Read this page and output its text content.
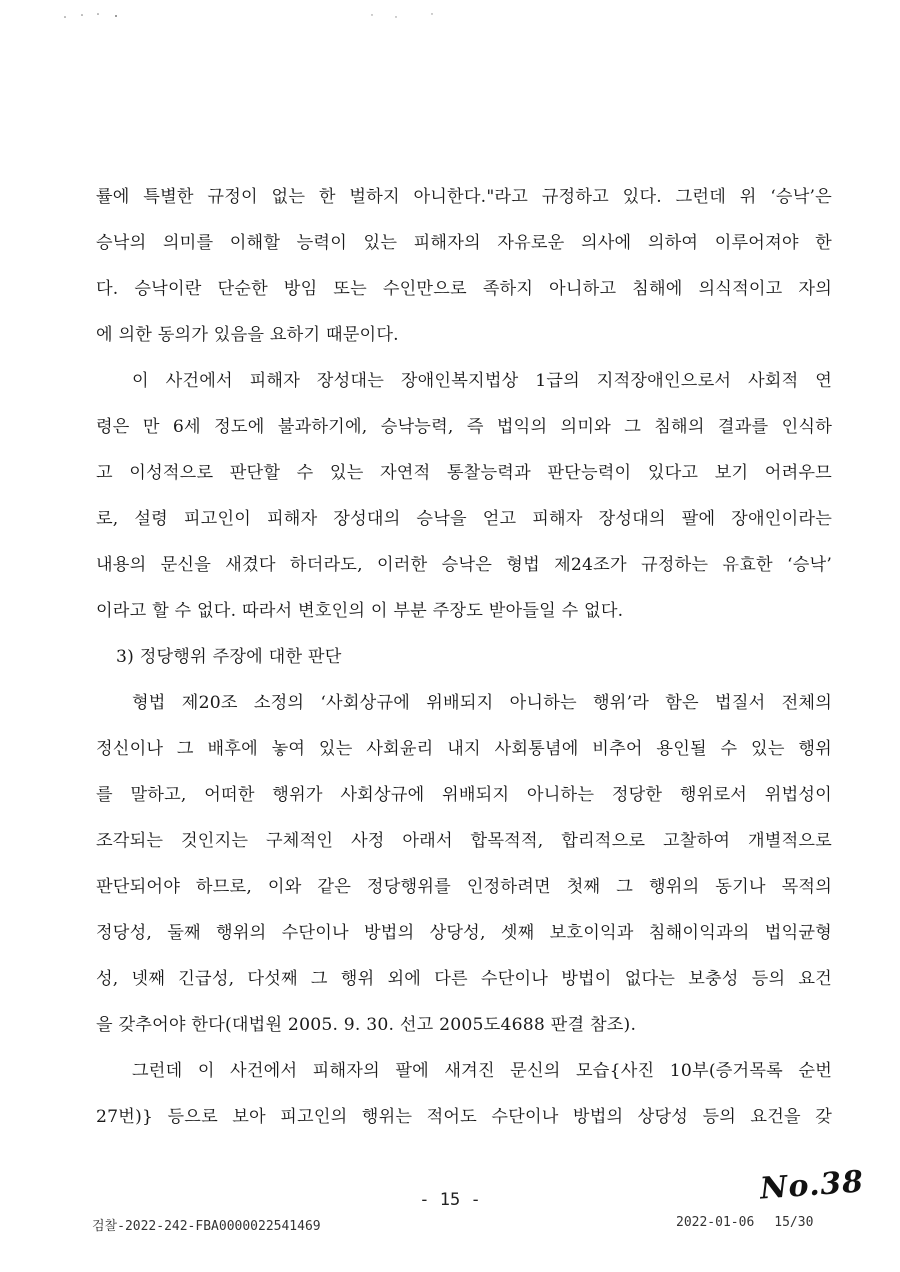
률에 특별한 규정이 없는 한 벌하지 아니한다."라고 규정하고 있다. 그런데 위 ‘승낙’은
승낙의 의미를 이해할 능력이 있는 피해자의 자유로운 의사에 의하여 이루어져야 한
다. 승낙이란 단순한 방임 또는 수인만으로 족하지 아니하고 침해에 의식적이고 자의
에 의한 동의가 있음을 요하기 때문이다.
이 사건에서 피해자 장성대는 장애인복지법상 1급의 지적장애인으로서 사회적 연
령은 만 6세 정도에 불과하기에, 승낙능력, 즉 법익의 의미와 그 침해의 결과를 인식하
고 이성적으로 판단할 수 있는 자연적 통찰능력과 판단능력이 있다고 보기 어려우므
로, 설령 피고인이 피해자 장성대의 승낙을 얻고 피해자 장성대의 팔에 장애인이라는
내용의 문신을 새겼다 하더라도, 이러한 승낙은 형법 제24조가 규정하는 유효한 ‘승낙’
이라고 할 수 없다. 따라서 변호인의 이 부분 주장도 받아들일 수 없다.
3) 정당행위 주장에 대한 판단
형법 제20조 소정의 ‘사회상규에 위배되지 아니하는 행위’라 함은 법질서 전체의
정신이나 그 배후에 놓여 있는 사회윤리 내지 사회통념에 비추어 용인될 수 있는 행위
를 말하고, 어떠한 행위가 사회상규에 위배되지 아니하는 정당한 행위로서 위법성이
조각되는 것인지는 구체적인 사정 아래서 합목적적, 합리적으로 고찰하여 개별적으로
판단되어야 하므로, 이와 같은 정당행위를 인정하려면 첫째 그 행위의 동기나 목적의
정당성, 둘째 행위의 수단이나 방법의 상당성, 셋째 보호이익과 침해이익과의 법익균형
성, 넷째 긴급성, 다섯째 그 행위 외에 다른 수단이나 방법이 없다는 보충성 등의 요건
을 갖추어야 한다(대법원 2005. 9. 30. 선고 2005도4688 판결 참조).
그런데 이 사건에서 피해자의 팔에 새겨진 문신의 모습{사진 10부(증거목록 순번
27번)} 등으로 보아 피고인의 행위는 적어도 수단이나 방법의 상당성 등의 요건을 갖
No.38
- 15 -
검찰-2022-242-FBA0000022541469	2022-01-06 15/30
